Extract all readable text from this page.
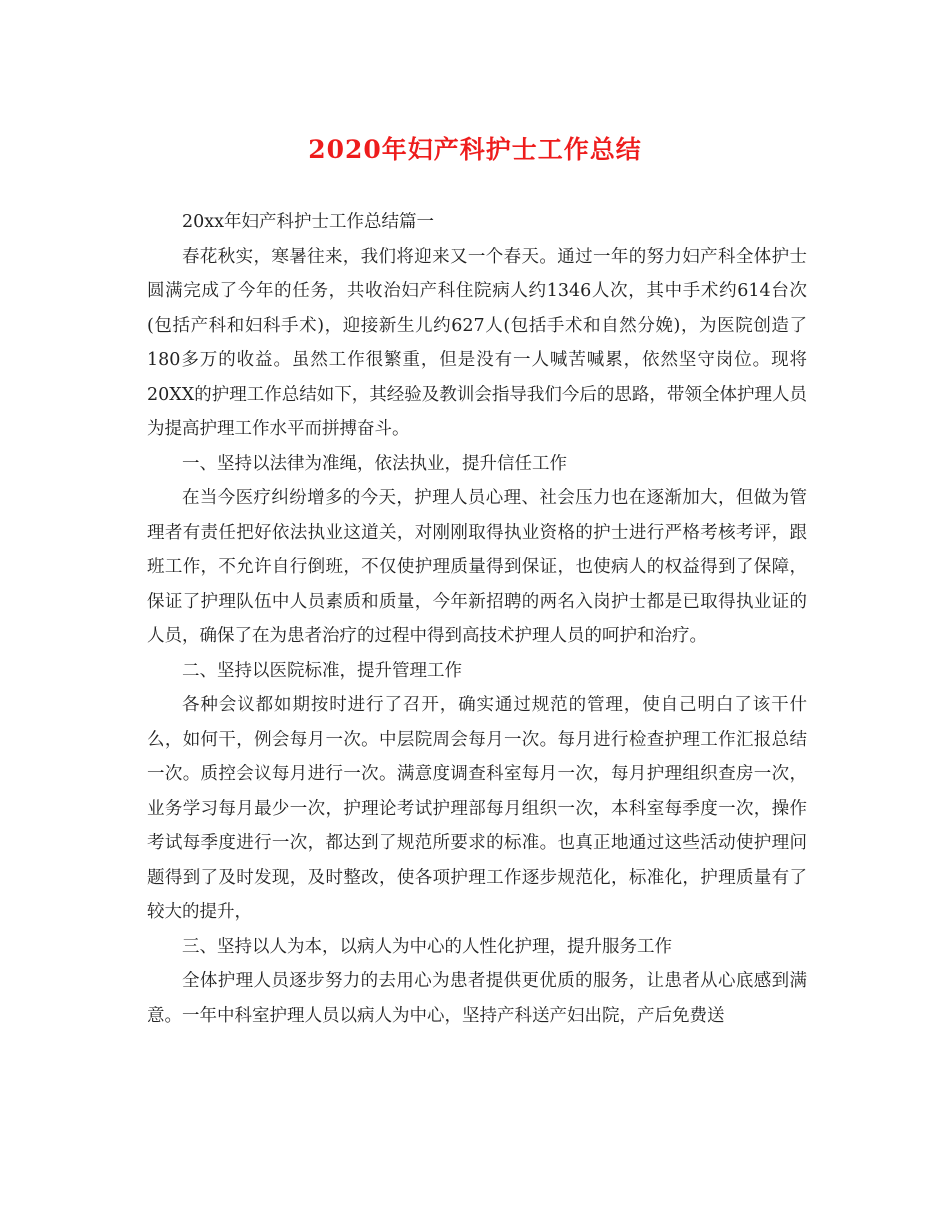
2020年妇产科护士工作总结

20xx年妇产科护士工作总结篇一

春花秋实，寒暑往来，我们将迎来又一个春天。通过一年的努力妇产科全体护士圆满完成了今年的任务，共收治妇产科住院病人约1346人次，其中手术约614台次(包括产科和妇科手术)，迎接新生儿约627人(包括手术和自然分娩)，为医院创造了180多万的收益。虽然工作很繁重，但是没有一人喊苦喊累，依然坚守岗位。现将20XX的护理工作总结如下，其经验及教训会指导我们今后的思路，带领全体护理人员为提高护理工作水平而拼搏奋斗。

一、坚持以法律为准绳，依法执业，提升信任工作

在当今医疗纠纷增多的今天，护理人员心理、社会压力也在逐渐加大，但做为管理者有责任把好依法执业这道关，对刚刚取得执业资格的护士进行严格考核考评，跟班工作，不允许自行倒班，不仅使护理质量得到保证，也使病人的权益得到了保障，保证了护理队伍中人员素质和质量，今年新招聘的两名入岗护士都是已取得执业证的人员，确保了在为患者治疗的过程中得到高技术护理人员的呵护和治疗。

二、坚持以医院标准，提升管理工作

各种会议都如期按时进行了召开，确实通过规范的管理，使自己明白了该干什么，如何干，例会每月一次。中层院周会每月一次。每月进行检查护理工作汇报总结一次。质控会议每月进行一次。满意度调查科室每月一次，每月护理组织查房一次，业务学习每月最少一次，护理论考试护理部每月组织一次，本科室每季度一次，操作考试每季度进行一次，都达到了规范所要求的标准。也真正地通过这些活动使护理问题得到了及时发现，及时整改，使各项护理工作逐步规范化，标准化，护理质量有了较大的提升，

三、坚持以人为本，以病人为中心的人性化护理，提升服务工作

全体护理人员逐步努力的去用心为患者提供更优质的服务，让患者从心底感到满意。一年中科室护理人员以病人为中心，坚持产科送产妇出院，产后免费送
